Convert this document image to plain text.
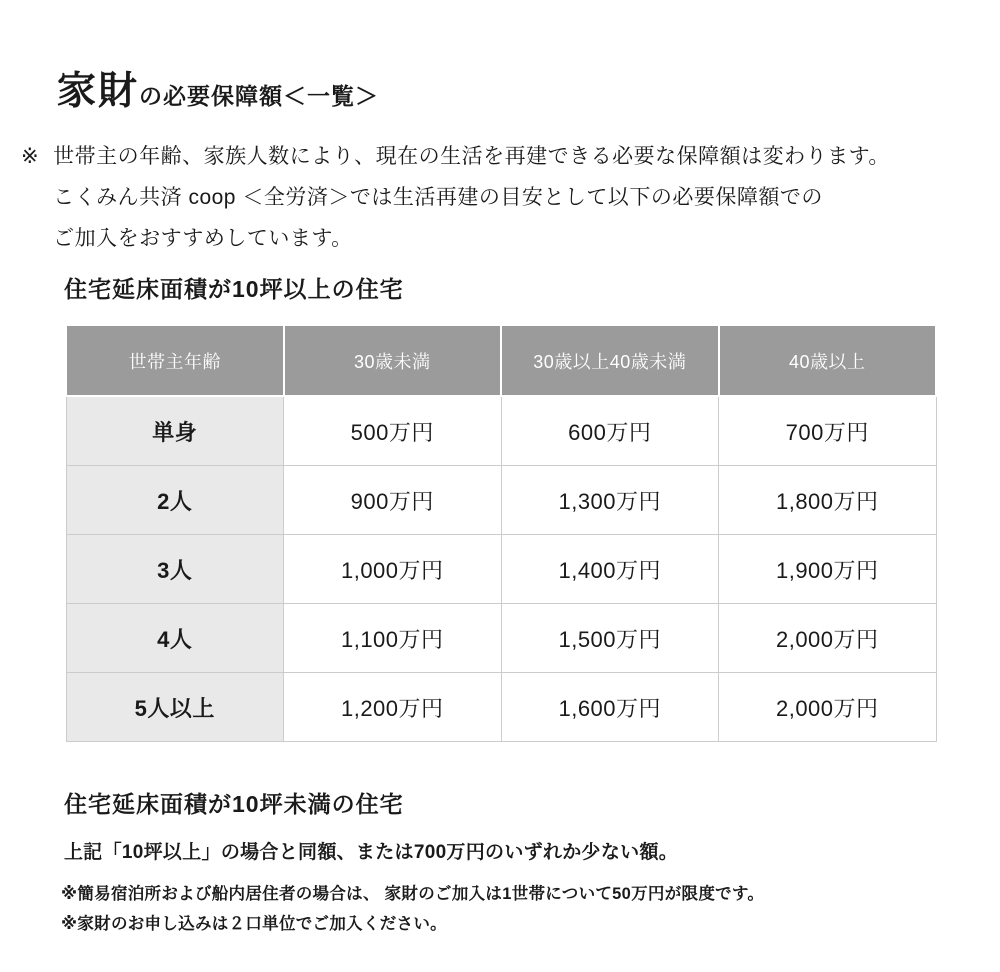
家財の必要保障額＜一覧＞
※ 世帯主の年齢、家族人数により、現在の生活を再建できる必要な保障額は変わります。
こくみん共済 coop ＜全労済＞では生活再建の目安として以下の必要保障額での
ご加入をおすすめしています。
住宅延床面積が10坪以上の住宅
世帯主年齢	30歳未満	30歳以上40歳未満	40歳以上
単身	500万円	600万円	700万円
2人	900万円	1,300万円	1,800万円
3人	1,000万円	1,400万円	1,900万円
4人	1,100万円	1,500万円	2,000万円
5人以上	1,200万円	1,600万円	2,000万円
住宅延床面積が10坪未満の住宅

上記「10坪以上」の場合と同額、または700万円のいずれか少ない額。

※簡易宿泊所および船内居住者の場合は、 家財のご加入は1世帯について50万円が限度です。
※家財のお申し込みは２口単位でご加入ください。
